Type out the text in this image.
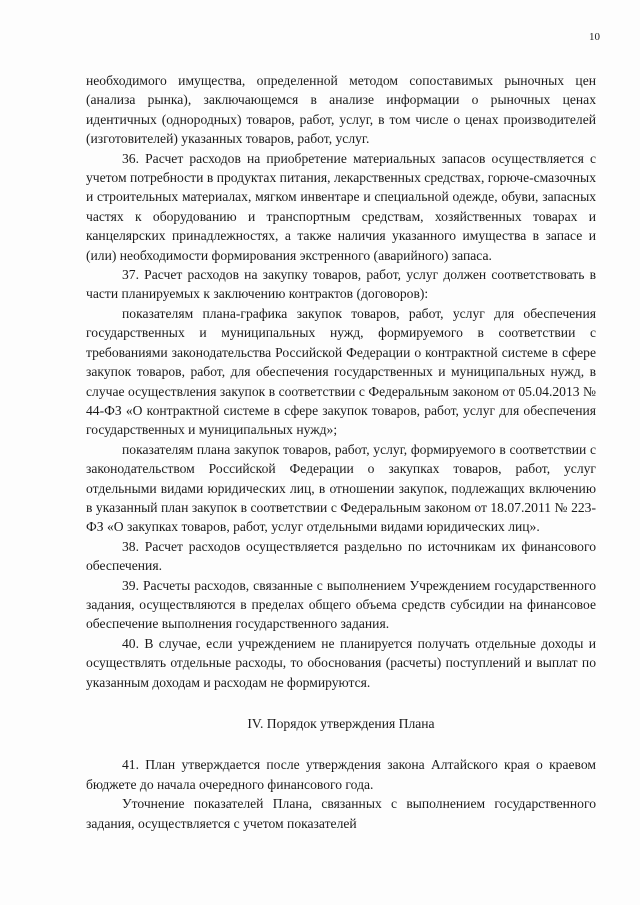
10

необходимого имущества, определенной методом сопоставимых рыночных цен (анализа рынка), заключающемся в анализе информации о рыночных ценах идентичных (однородных) товаров, работ, услуг, в том числе о ценах производителей (изготовителей) указанных товаров, работ, услуг.

36. Расчет расходов на приобретение материальных запасов осуществляется с учетом потребности в продуктах питания, лекарственных средствах, горюче-смазочных и строительных материалах, мягком инвентаре и специальной одежде, обуви, запасных частях к оборудованию и транспортным средствам, хозяйственных товарах и канцелярских принадлежностях, а также наличия указанного имущества в запасе и (или) необходимости формирования экстренного (аварийного) запаса.

37. Расчет расходов на закупку товаров, работ, услуг должен соответствовать в части планируемых к заключению контрактов (договоров):

показателям плана-графика закупок товаров, работ, услуг для обеспечения государственных и муниципальных нужд, формируемого в соответствии с требованиями законодательства Российской Федерации о контрактной системе в сфере закупок товаров, работ, для обеспечения государственных и муниципальных нужд, в случае осуществления закупок в соответствии с Федеральным законом от 05.04.2013 № 44-ФЗ «О контрактной системе в сфере закупок товаров, работ, услуг для обеспечения государственных и муниципальных нужд»;

показателям плана закупок товаров, работ, услуг, формируемого в соответствии с законодательством Российской Федерации о закупках товаров, работ, услуг отдельными видами юридических лиц, в отношении закупок, подлежащих включению в указанный план закупок в соответствии с Федеральным законом от 18.07.2011 № 223-ФЗ «О закупках товаров, работ, услуг отдельными видами юридических лиц».

38. Расчет расходов осуществляется раздельно по источникам их финансового обеспечения.

39. Расчеты расходов, связанные с выполнением Учреждением государственного задания, осуществляются в пределах общего объема средств субсидии на финансовое обеспечение выполнения государственного задания.

40. В случае, если учреждением не планируется получать отдельные доходы и осуществлять отдельные расходы, то обоснования (расчеты) поступлений и выплат по указанным доходам и расходам не формируются.

IV. Порядок утверждения Плана

41. План утверждается после утверждения закона Алтайского края о краевом бюджете до начала очередного финансового года.

Уточнение показателей Плана, связанных с выполнением государственного задания, осуществляется с учетом показателей
